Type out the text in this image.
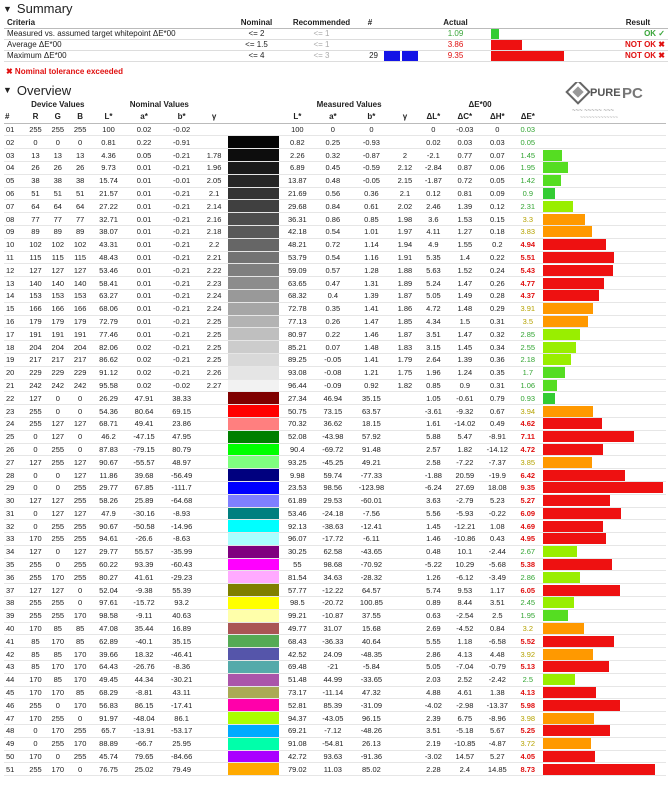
▼ Summary
Criteria	Nominal	Recommended	#		Actual		Result
Measured vs. assumed target whitepoint ΔE*00	<= 2	<= 1			1.09		OK ✓
Average ΔE*00	<= 1.5	<= 1			3.86		NOT OK ✖
Maximum ΔE*00	<= 4	<= 3	29		9.35		NOT OK ✖
✖ Nominal tolerance exceeded
PURE PC
~~~ ~~~~~ ~~~
~~~~~~~~~~~~~
▼ Overview
	Device Values			Nominal Values					Measured Values				ΔE*00				
#	R	G	B	L*	a*	b*	γ		L*	a*	b*	γ	ΔL*	ΔC*	ΔH*	ΔE*	
01	255	255	255	100	0.02	-0.02			100	0	0		0	-0.03	0	0.03	

02	0	0	0	0.81	0.22	-0.91			0.82	0.25	-0.93		0.02	0.03	0.03	0.05	

03	13	13	13	4.36	0.05	-0.21	1.78		2.26	0.32	-0.87	2	-2.1	0.77	0.07	1.45	

04	26	26	26	9.73	0.01	-0.21	1.96		6.89	0.45	-0.59	2.12	-2.84	0.87	0.06	1.95	

05	38	38	38	15.74	0.01	-0.01	2.05		13.87	0.48	-0.05	2.15	-1.87	0.72	0.05	1.42	

06	51	51	51	21.57	0.01	-0.21	2.1		21.69	0.56	0.36	2.1	0.12	0.81	0.09	0.9	

07	64	64	64	27.22	0.01	-0.21	2.14		29.68	0.84	0.61	2.02	2.46	1.39	0.12	2.31	

08	77	77	77	32.71	0.01	-0.21	2.16		36.31	0.86	0.85	1.98	3.6	1.53	0.15	3.3	

09	89	89	89	38.07	0.01	-0.21	2.18		42.18	0.54	1.01	1.97	4.11	1.27	0.18	3.83	

10	102	102	102	43.31	0.01	-0.21	2.2		48.21	0.72	1.14	1.94	4.9	1.55	0.2	4.94	

11	115	115	115	48.43	0.01	-0.21	2.21		53.79	0.54	1.16	1.91	5.35	1.4	0.22	5.51	

12	127	127	127	53.46	0.01	-0.21	2.22		59.09	0.57	1.28	1.88	5.63	1.52	0.24	5.43	

13	140	140	140	58.41	0.01	-0.21	2.23		63.65	0.47	1.31	1.89	5.24	1.47	0.26	4.77	

14	153	153	153	63.27	0.01	-0.21	2.24		68.32	0.4	1.39	1.87	5.05	1.49	0.28	4.37	

15	166	166	166	68.06	0.01	-0.21	2.24		72.78	0.35	1.41	1.86	4.72	1.48	0.29	3.91	

16	179	179	179	72.79	0.01	-0.21	2.25		77.13	0.26	1.47	1.85	4.34	1.5	0.31	3.5	

17	191	191	191	77.46	0.01	-0.21	2.25		80.97	0.22	1.46	1.87	3.51	1.47	0.32	2.85	

18	204	204	204	82.06	0.02	-0.21	2.25		85.21	0.07	1.48	1.83	3.15	1.45	0.34	2.55	

19	217	217	217	86.62	0.02	-0.21	2.25		89.25	-0.05	1.41	1.79	2.64	1.39	0.36	2.18	

20	229	229	229	91.12	0.02	-0.21	2.26		93.08	-0.08	1.21	1.75	1.96	1.24	0.35	1.7	

21	242	242	242	95.58	0.02	-0.02	2.27		96.44	-0.09	0.92	1.82	0.85	0.9	0.31	1.06	

22	127	0	0	26.29	47.91	38.33			27.34	46.94	35.15		1.05	-0.61	0.79	0.93	

23	255	0	0	54.36	80.64	69.15			50.75	73.15	63.57		-3.61	-9.32	0.67	3.94	

24	255	127	127	68.71	49.41	23.86			70.32	36.62	18.15		1.61	-14.02	0.49	4.62	

25	0	127	0	46.2	-47.15	47.95			52.08	-43.98	57.92		5.88	5.47	-8.91	7.11	

26	0	255	0	87.83	-79.15	80.79			90.4	-69.72	91.48		2.57	1.82	-14.12	4.72	

27	127	255	127	90.67	-55.57	48.97			93.25	-45.25	49.21		2.58	-7.22	-7.37	3.85	

28	0	0	127	11.86	39.68	-56.49			9.98	59.74	-77.33		-1.88	20.59	-19.9	6.42	

29	0	0	255	29.77	67.85	-111.7			23.53	98.56	-123.98		-6.24	27.69	18.08	9.35	

30	127	127	255	58.26	25.89	-64.68			61.89	29.53	-60.01		3.63	-2.79	5.23	5.27	

31	0	127	127	47.9	-30.16	-8.93			53.46	-24.18	-7.56		5.56	-5.93	-0.22	6.09	

32	0	255	255	90.67	-50.58	-14.96			92.13	-38.63	-12.41		1.45	-12.21	1.08	4.69	

33	170	255	255	94.61	-26.6	-8.63			96.07	-17.72	-6.11		1.46	-10.86	0.43	4.95	

34	127	0	127	29.77	55.57	-35.99			30.25	62.58	-43.65		0.48	10.1	-2.44	2.67	

35	255	0	255	60.22	93.39	-60.43			55	98.68	-70.92		-5.22	10.29	-5.68	5.38	

36	255	170	255	80.27	41.61	-29.23			81.54	34.63	-28.32		1.26	-6.12	-3.49	2.86	

37	127	127	0	52.04	-9.38	55.39			57.77	-12.22	64.57		5.74	9.53	1.17	6.05	

38	255	255	0	97.61	-15.72	93.2			98.5	-20.72	100.85		0.89	8.44	3.51	2.45	

39	255	255	170	98.58	-9.11	40.63			99.21	-10.87	37.55		0.63	-2.54	2.5	1.95	

40	170	85	85	47.08	35.44	16.89			49.77	31.07	15.68		2.69	-4.52	0.84	3.2	

41	85	170	85	62.89	-40.1	35.15			68.43	-36.33	40.64		5.55	1.18	-6.58	5.52	

42	85	85	170	39.66	18.32	-46.41			42.52	24.09	-48.35		2.86	4.13	4.48	3.92	

43	85	170	170	64.43	-26.76	-8.36			69.48	-21	-5.84		5.05	-7.04	-0.79	5.13	

44	170	85	170	49.45	44.34	-30.21			51.48	44.99	-33.65		2.03	2.52	-2.42	2.5	

45	170	170	85	68.29	-8.81	43.11			73.17	-11.14	47.32		4.88	4.61	1.38	4.13	

46	255	0	170	56.83	86.15	-17.41			52.81	85.39	-31.09		-4.02	-2.98	-13.37	5.98	

47	170	255	0	91.97	-48.04	86.1			94.37	-43.05	96.15		2.39	6.75	-8.96	3.98	

48	0	170	255	65.7	-13.91	-53.17			69.21	-7.12	-48.26		3.51	-5.18	5.67	5.25	

49	0	255	170	88.89	-66.7	25.95			91.08	-54.81	26.13		2.19	-10.85	-4.87	3.72	

50	170	0	255	45.74	79.65	-84.66			42.72	93.63	-91.36		-3.02	14.57	5.27	4.05	

51	255	170	0	76.75	25.02	79.49			79.02	11.03	85.02		2.28	2.4	14.85	8.73	
